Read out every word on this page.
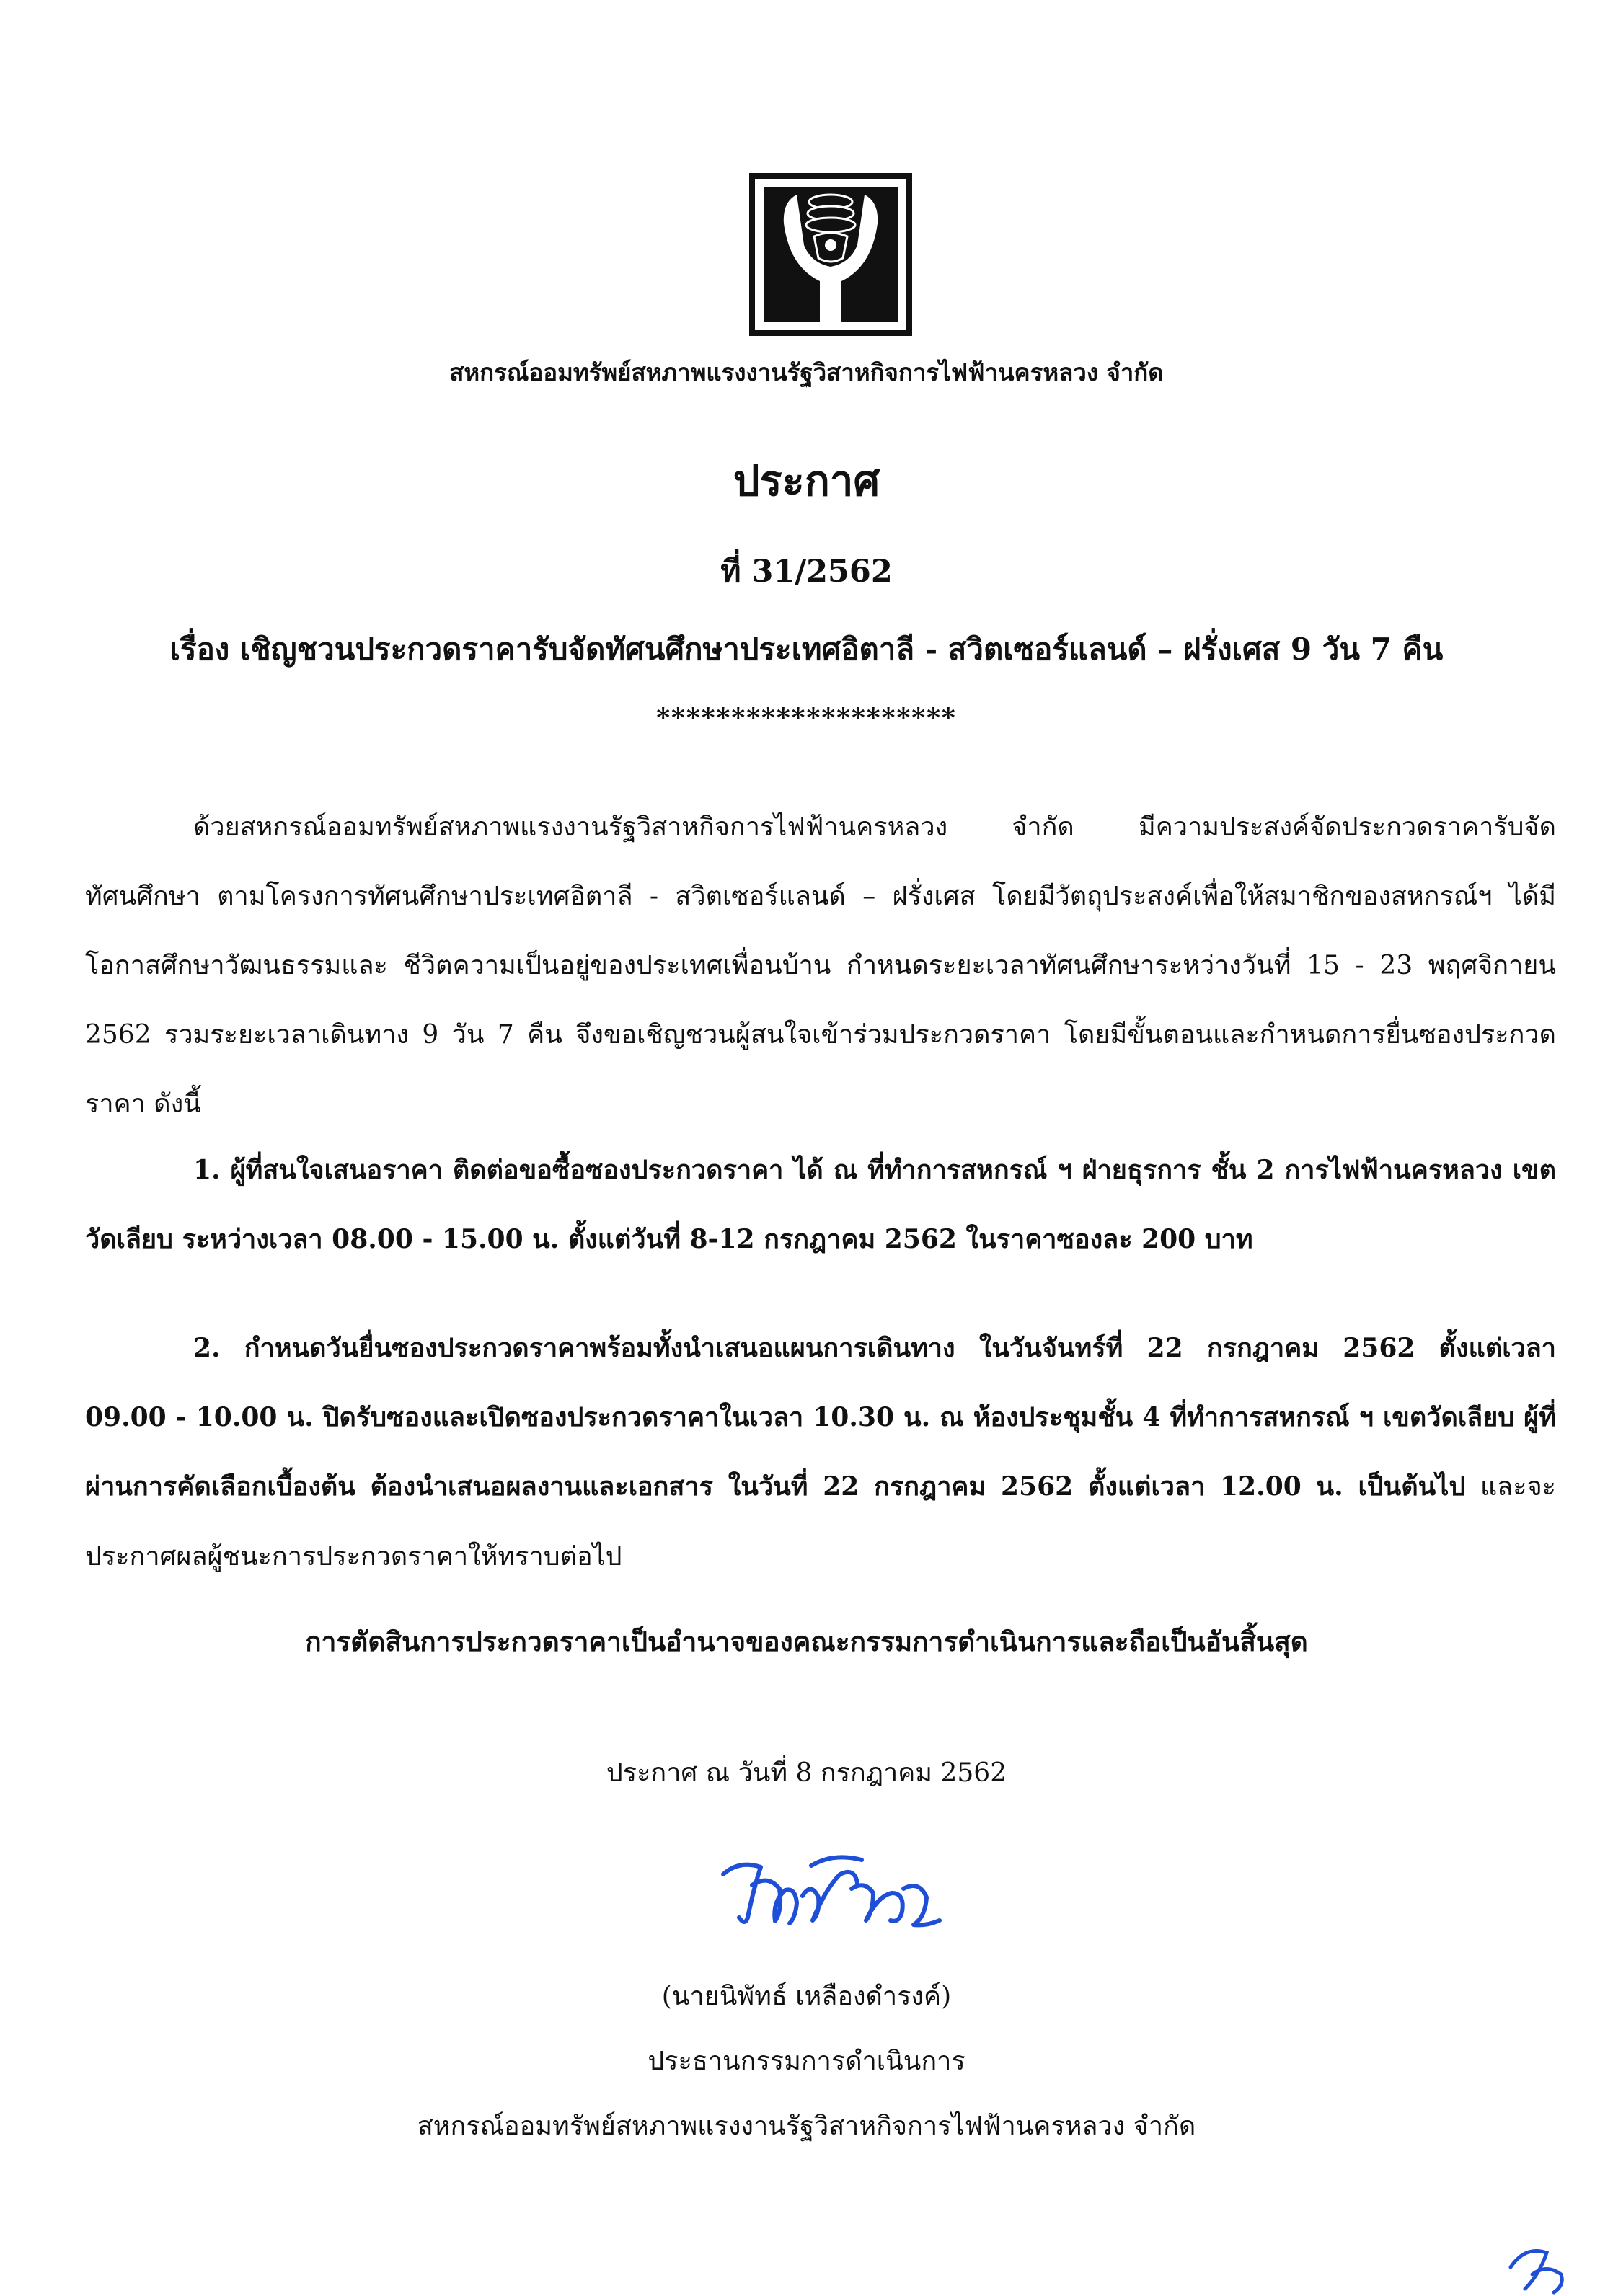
สหกรณ์ออมทรัพย์สหภาพแรงงานรัฐวิสาหกิจการไฟฟ้านครหลวง จำกัด
ประกาศ
ที่ 31/2562
เรื่อง เชิญชวนประกวดราคารับจัดทัศนศึกษาประเทศอิตาลี - สวิตเซอร์แลนด์ – ฝรั่งเศส 9 วัน 7 คืน
********************

ด้วยสหกรณ์ออมทรัพย์สหภาพแรงงานรัฐวิสาหกิจการไฟฟ้านครหลวง จำกัด มีความประสงค์จัดประกวดราคารับจัดทัศนศึกษา ตามโครงการทัศนศึกษาประเทศอิตาลี - สวิตเซอร์แลนด์ – ฝรั่งเศส โดยมีวัตถุประสงค์เพื่อให้สมาชิกของสหกรณ์ฯ ได้มีโอกาสศึกษาวัฒนธรรมและ ชีวิตความเป็นอยู่ของประเทศเพื่อนบ้าน กำหนดระยะเวลาทัศนศึกษาระหว่างวันที่ 15 - 23 พฤศจิกายน 2562 รวมระยะเวลาเดินทาง 9 วัน 7 คืน จึงขอเชิญชวนผู้สนใจเข้าร่วมประกวดราคา โดยมีขั้นตอนและกำหนดการยื่นซองประกวดราคา ดังนี้

1. ผู้ที่สนใจเสนอราคา ติดต่อขอซื้อซองประกวดราคา ได้ ณ ที่ทำการสหกรณ์ ฯ ฝ่ายธุรการ ชั้น 2 การไฟฟ้านครหลวง เขตวัดเลียบ ระหว่างเวลา 08.00 - 15.00 น. ตั้งแต่วันที่ 8-12 กรกฎาคม 2562 ในราคาซองละ 200 บาท

2. กำหนดวันยื่นซองประกวดราคาพร้อมทั้งนำเสนอแผนการเดินทาง ในวันจันทร์ที่ 22 กรกฎาคม 2562 ตั้งแต่เวลา 09.00 - 10.00 น. ปิดรับซองและเปิดซองประกวดราคาในเวลา 10.30 น. ณ ห้องประชุมชั้น 4 ที่ทำการสหกรณ์ ฯ เขตวัดเลียบ ผู้ที่ผ่านการคัดเลือกเบื้องต้น ต้องนำเสนอผลงานและเอกสาร ในวันที่ 22 กรกฎาคม 2562 ตั้งแต่เวลา 12.00 น. เป็นต้นไป และจะประกาศผลผู้ชนะการประกวดราคาให้ทราบต่อไป

การตัดสินการประกวดราคาเป็นอำนาจของคณะกรรมการดำเนินการและถือเป็นอันสิ้นสุด
ประกาศ ณ วันที่ 8 กรกฎาคม 2562
(นายนิพัทธ์ เหลืองดำรงค์)
ประธานกรรมการดำเนินการ
สหกรณ์ออมทรัพย์สหภาพแรงงานรัฐวิสาหกิจการไฟฟ้านครหลวง จำกัด
